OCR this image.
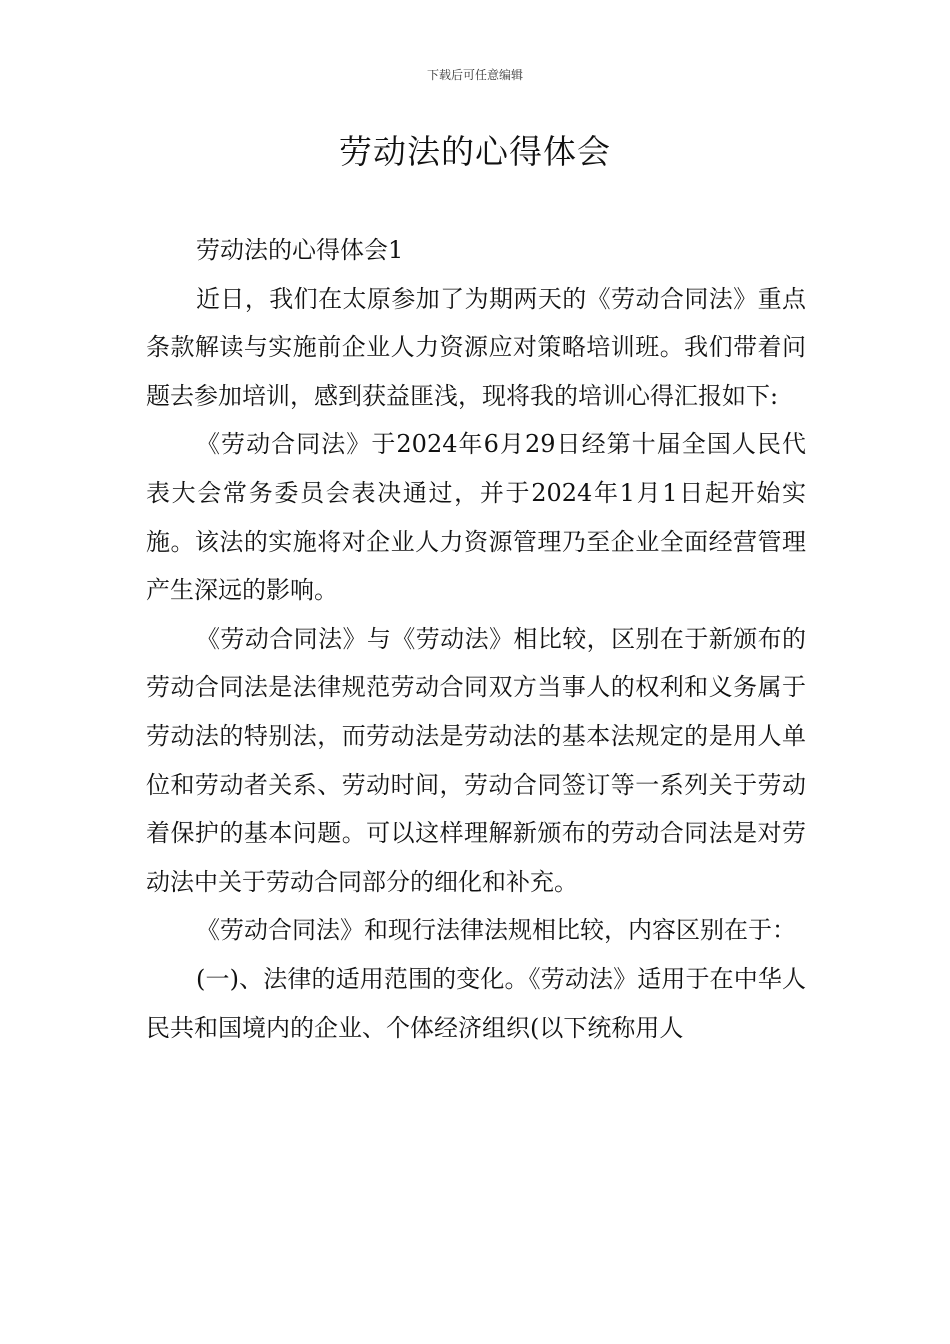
下载后可任意编辑
劳动法的心得体会

劳动法的心得体会1

近日，我们在太原参加了为期两天的《劳动合同法》重点条款解读与实施前企业人力资源应对策略培训班。我们带着问题去参加培训，感到获益匪浅，现将我的培训心得汇报如下:

《劳动合同法》于2024年6月29日经第十届全国人民代表大会常务委员会表决通过，并于2024年1月1日起开始实施。该法的实施将对企业人力资源管理乃至企业全面经营管理产生深远的影响。

《劳动合同法》与《劳动法》相比较，区别在于新颁布的劳动合同法是法律规范劳动合同双方当事人的权利和义务属于劳动法的特别法，而劳动法是劳动法的基本法规定的是用人单位和劳动者关系、劳动时间，劳动合同签订等一系列关于劳动着保护的基本问题。可以这样理解新颁布的劳动合同法是对劳动法中关于劳动合同部分的细化和补充。

《劳动合同法》和现行法律法规相比较，内容区别在于：

(一)、法律的适用范围的变化。《劳动法》适用于在中华人民共和国境内的企业、个体经济组织(以下统称用人
